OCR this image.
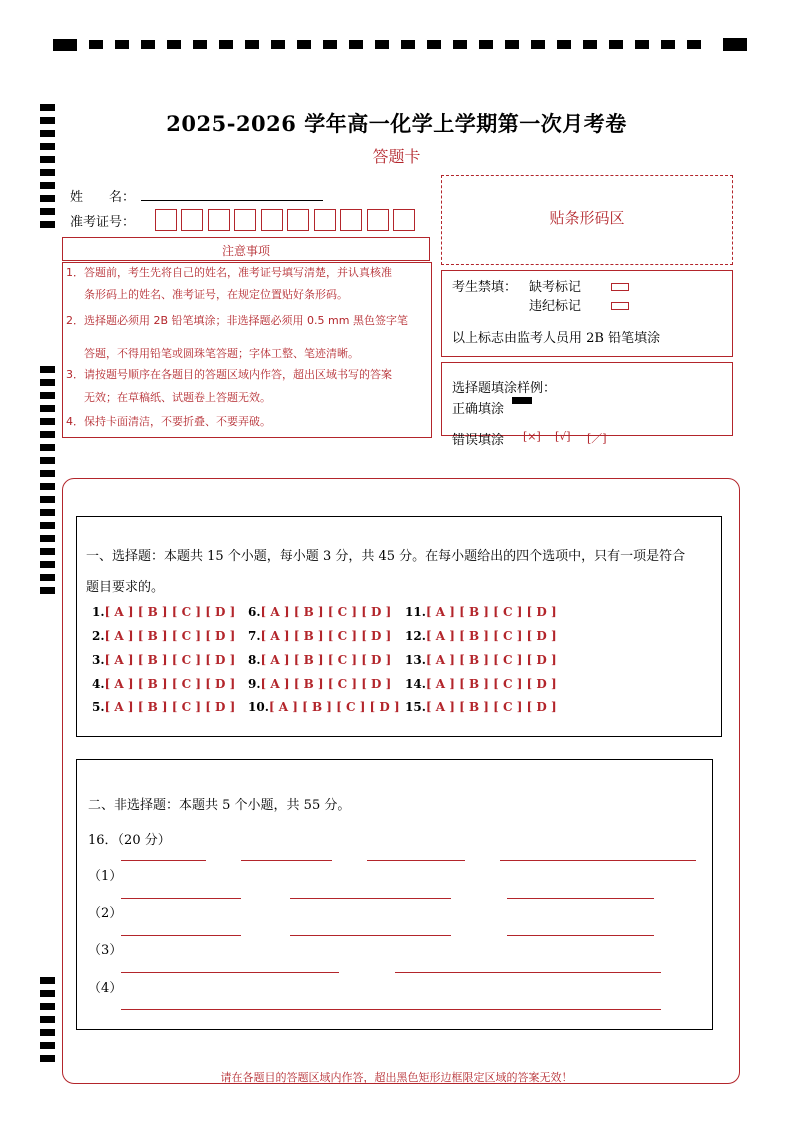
2025-2026 学年高一化学上学期第一次月考卷
答题卡
姓　　名：
准考证号：	贴条形码区
注意事项
1．答题前，考生先将自己的姓名，准考证号填写清楚，并认真核准
条形码上的姓名、准考证号，在规定位置贴好条形码。
2．选择题必须用 2B 铅笔填涂；非选择题必须用 0.5 mm 黑色签字笔
答题，不得用铅笔或圆珠笔答题；字体工整、笔迹清晰。
3．请按题号顺序在各题目的答题区域内作答，超出区域书写的答案
无效；在草稿纸、试题卷上答题无效。
4．保持卡面清洁，不要折叠、不要弄破。
考生禁填： 缺考标记
违纪标记
以上标志由监考人员用 2B 铅笔填涂
选择题填涂样例：
正确填涂
错误填涂 [×] [√] [／]
一、选择题：本题共 15 个小题，每小题 3 分，共 45 分。在每小题给出的四个选项中，只有一项是符合
题目要求的。
1.[ A ] [ B ] [ C ] [ D ]
2.[ A ] [ B ] [ C ] [ D ]
3.[ A ] [ B ] [ C ] [ D ]
4.[ A ] [ B ] [ C ] [ D ]
5.[ A ] [ B ] [ C ] [ D ]
6.[ A ] [ B ] [ C ] [ D ]
7.[ A ] [ B ] [ C ] [ D ]
8.[ A ] [ B ] [ C ] [ D ]
9.[ A ] [ B ] [ C ] [ D ]
10.[ A ] [ B ] [ C ] [ D ]
11.[ A ] [ B ] [ C ] [ D ]
12.[ A ] [ B ] [ C ] [ D ]
13.[ A ] [ B ] [ C ] [ D ]
14.[ A ] [ B ] [ C ] [ D ]
15.[ A ] [ B ] [ C ] [ D ]
二、非选择题：本题共 5 个小题，共 55 分。
16．（20 分）
（1）
（2）
（3）
（4）
请在各题目的答题区域内作答，超出黑色矩形边框限定区域的答案无效！
